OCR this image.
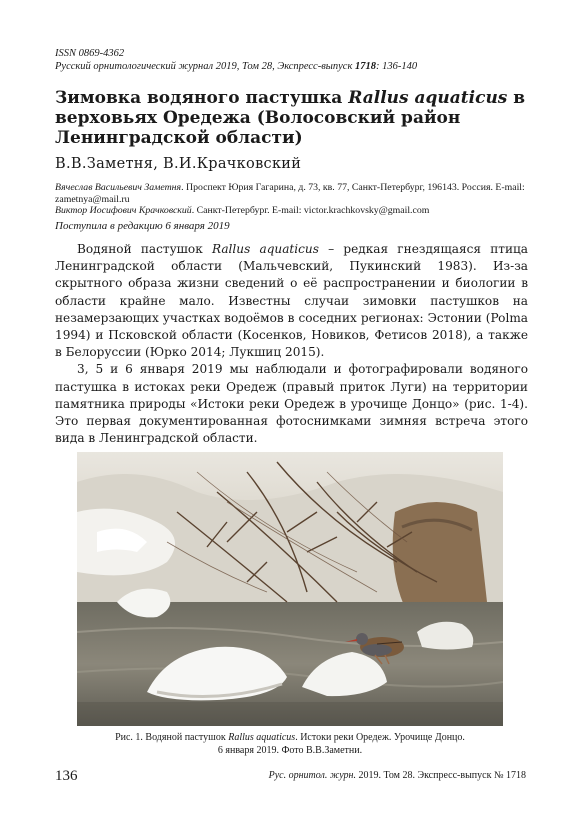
ISSN 0869-4362
Русский орнитологический журнал 2019, Том 28, Экспресс-выпуск 1718: 136-140
Зимовка водяного пастушка Rallus aquaticus в верховьях Оредежа (Волосовский район Ленинградской области)
В.В.Заметня, В.И.Крачковский
Вячеслав Васильевич Заметня. Проспект Юрия Гагарина, д. 73, кв. 77, Санкт-Петербург, 196143. Россия. E-mail: zametnya@mail.ru
Виктор Иосифович Крачковский. Санкт-Петербург. E-mail: victor.krachkovsky@gmail.com
Поступила в редакцию 6 января 2019

Водяной пастушок Rallus aquaticus – редкая гнездящаяся птица Ленинградской области (Мальчевский, Пукинский 1983). Из-за скрытного образа жизни сведений о её распространении и биологии в области крайне мало. Известны случаи зимовки пастушков на незамерзающих участках водоёмов в соседних регионах: Эстонии (Polma 1994) и Псковской области (Косенков, Новиков, Фетисов 2018), а также в Белоруссии (Юрко 2014; Лукшиц 2015).

3, 5 и 6 января 2019 мы наблюдали и фотографировали водяного пастушка в истоках реки Оредеж (правый приток Луги) на территории памятника природы «Истоки реки Оредеж в урочище Донцо» (рис. 1-4). Это первая документированная фотоснимками зимняя встреча этого вида в Ленинградской области.

Рис. 1. Водяной пастушок Rallus aquaticus. Истоки реки Оредеж. Урочище Донцо.
6 января 2019. Фото В.В.Заметни.
136	Рус. орнитол. журн. 2019. Том 28. Экспресс-выпуск № 1718
